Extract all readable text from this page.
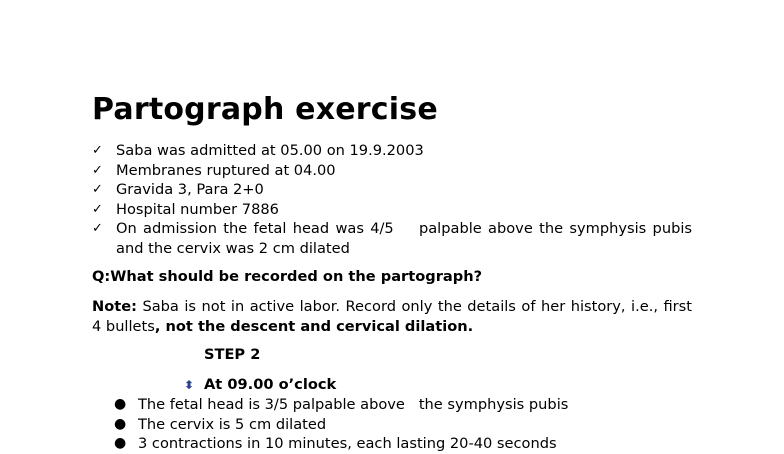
Partograph exercise
✓ Saba was admitted at 05.00 on 19.9.2003
✓ Membranes ruptured at 04.00
✓ Gravida 3, Para 2+0
✓ Hospital number 7886
✓ On admission the fetal head was 4/5    palpable above the symphysis pubis and the cervix was 2 cm dilated
Q:What should be recorded on the partograph?
Note: Saba is not in active labor. Record only the details of her history, i.e., first 4 bullets, not the descent and cervical dilation.
STEP 2
⬍ At 09.00 o’clock
● The fetal head is 3/5 palpable above   the symphysis pubis
● The cervix is 5 cm dilated
● 3 contractions in 10 minutes, each lasting 20-40 seconds
